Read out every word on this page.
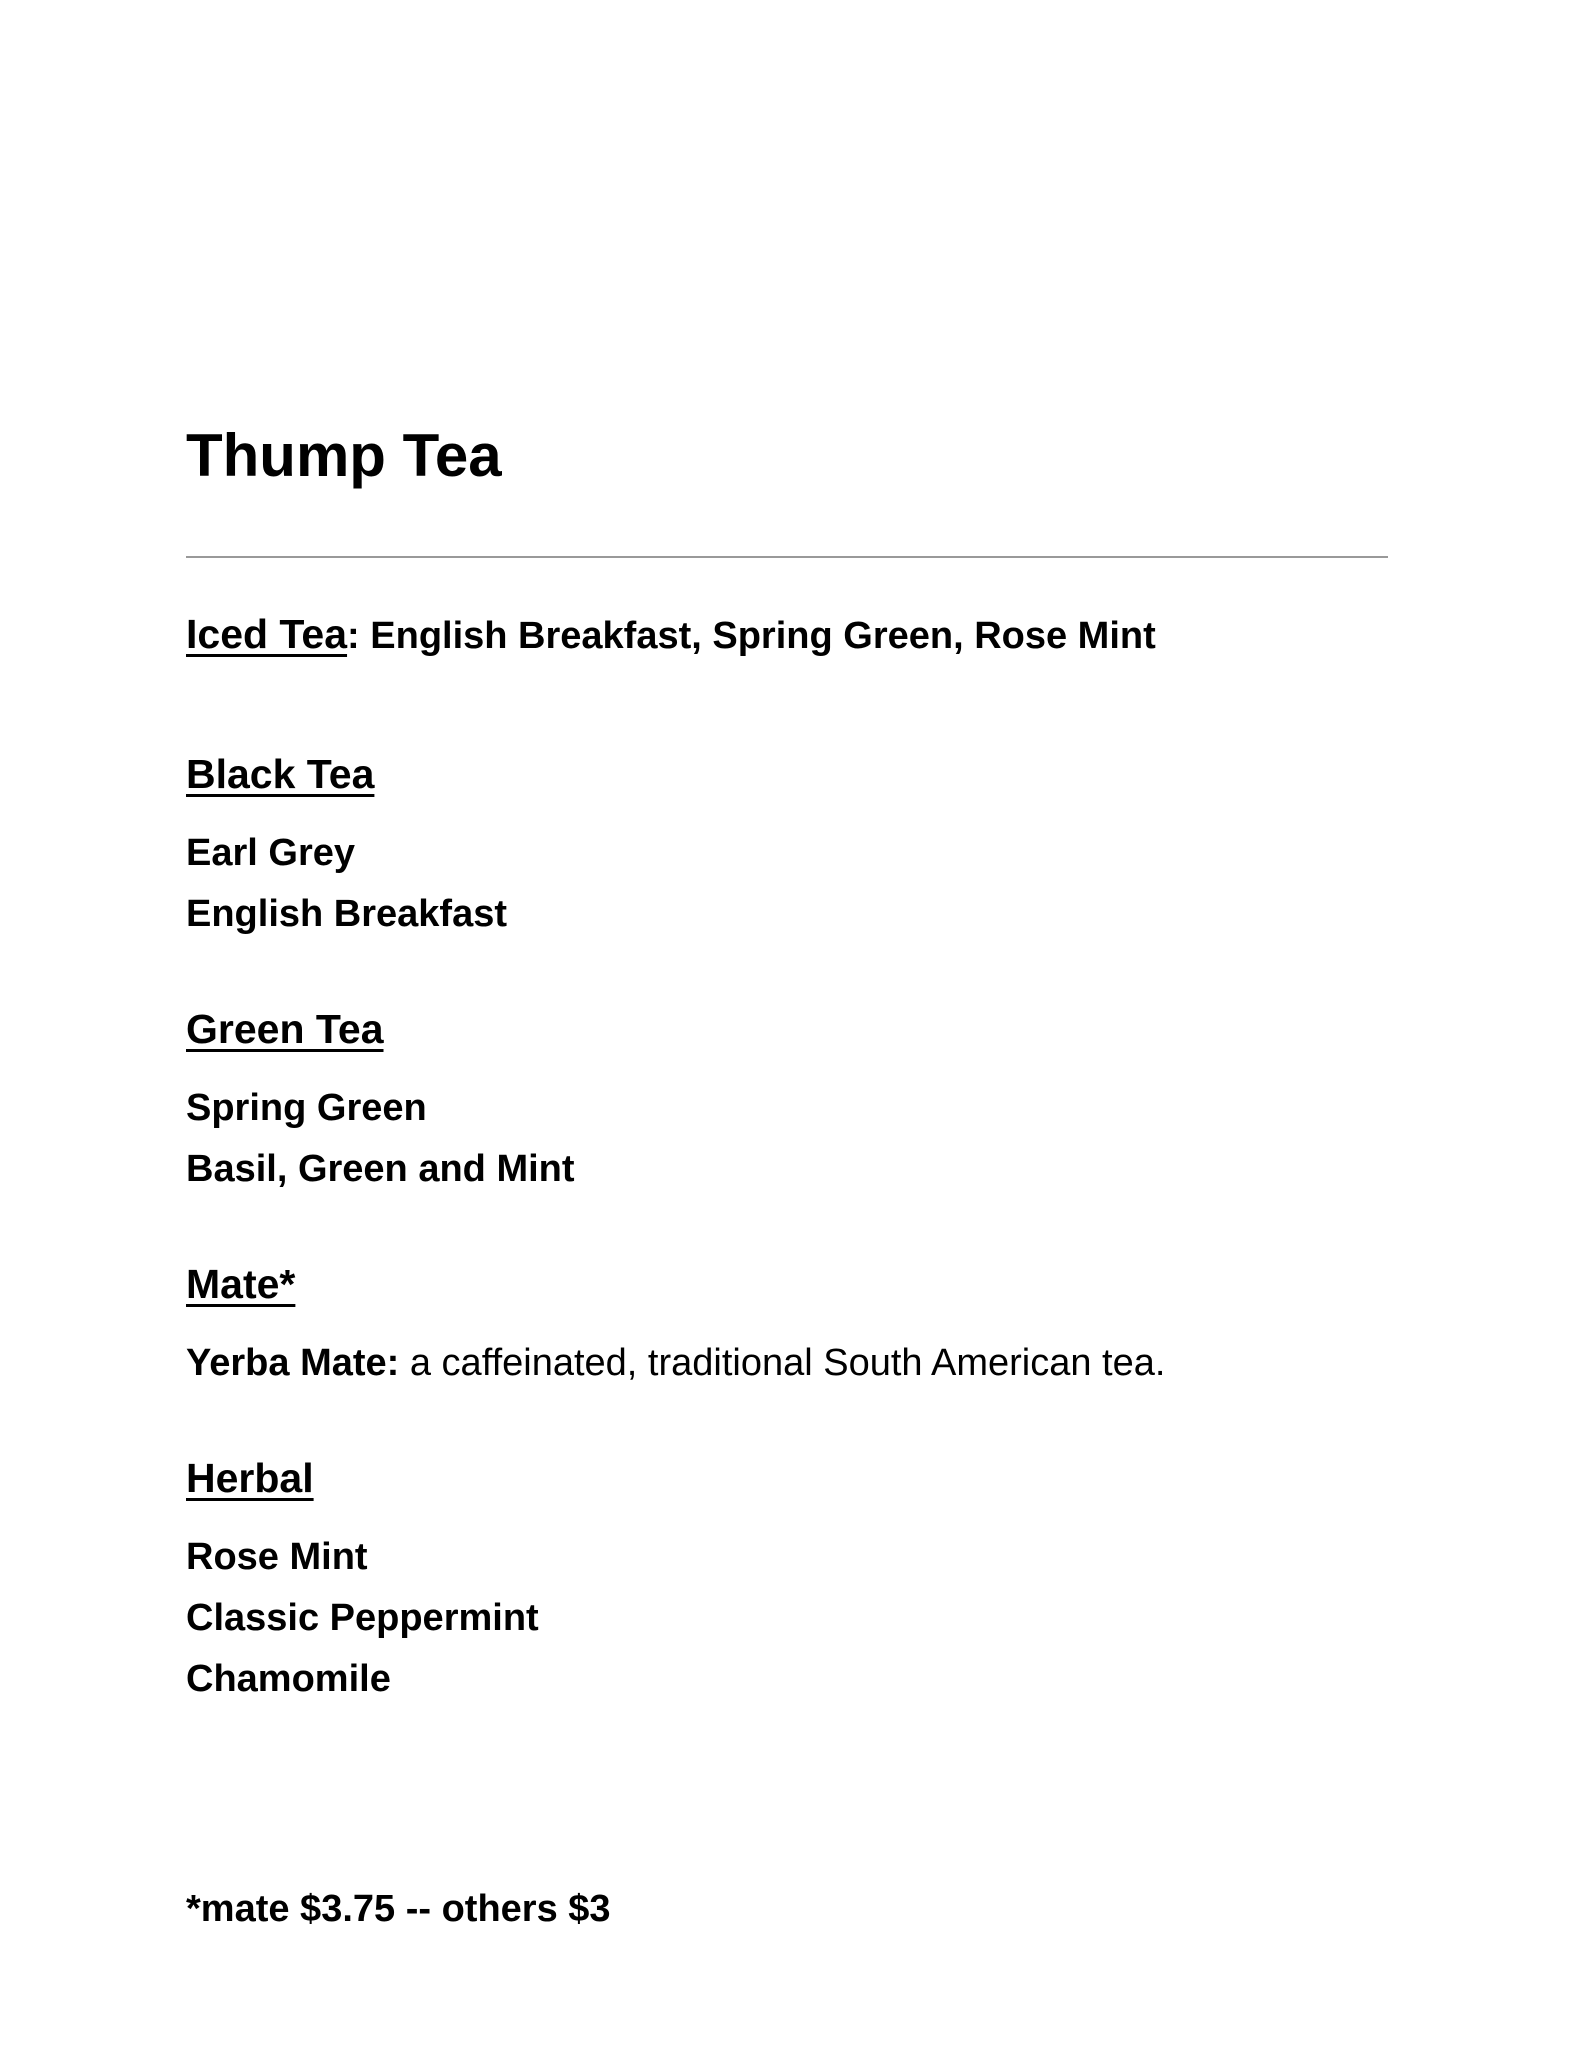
Thump Tea

Iced Tea: English Breakfast, Spring Green, Rose Mint

Black Tea

Earl Grey

English Breakfast

Green Tea

Spring Green

Basil, Green and Mint

Mate*

Yerba Mate: a caffeinated, traditional South American tea.

Herbal

Rose Mint

Classic Peppermint

Chamomile

*mate $3.75 -- others $3
